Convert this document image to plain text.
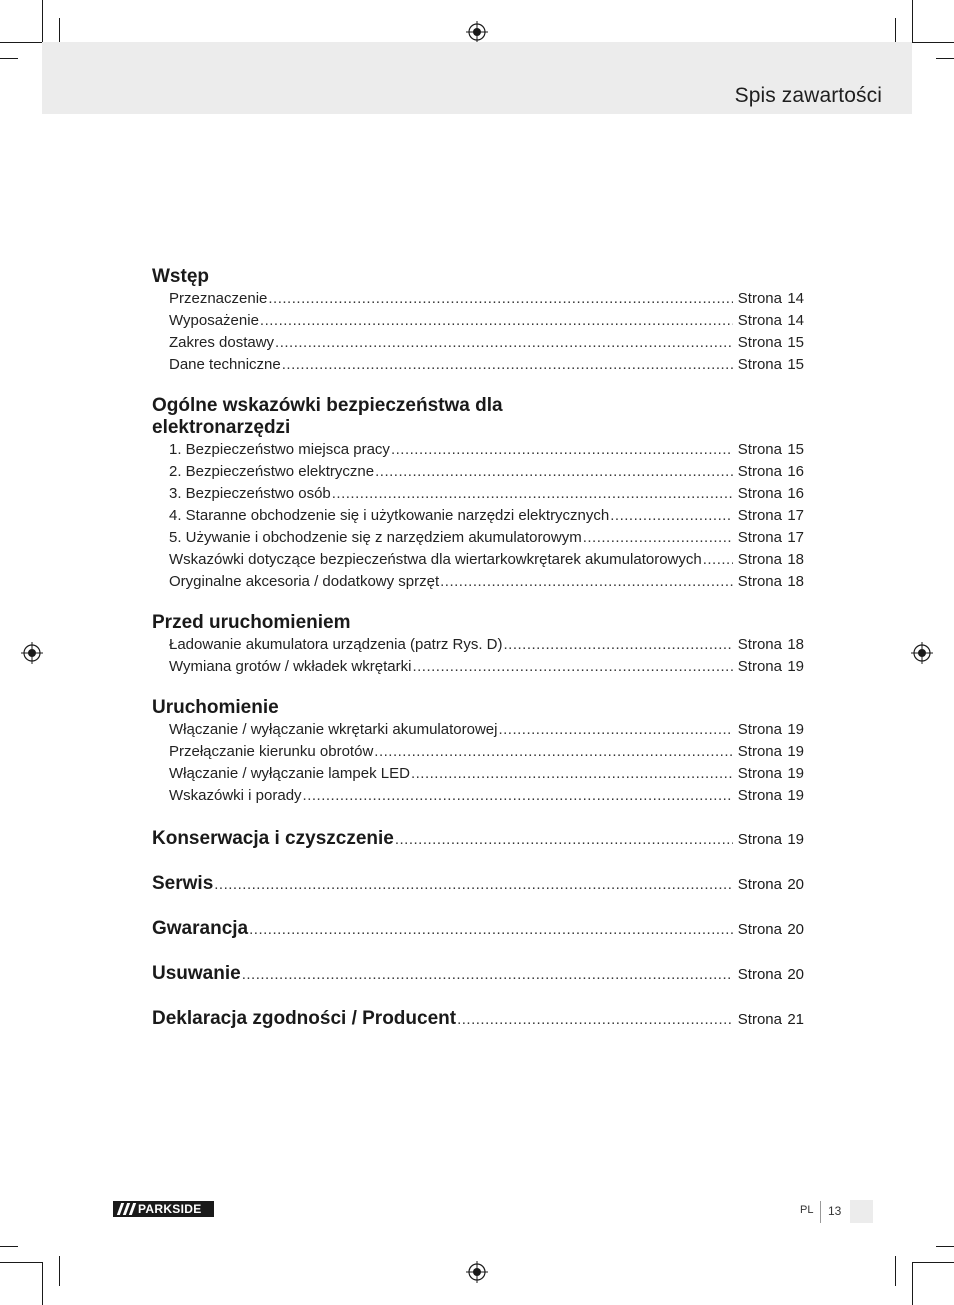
Spis zawartości
Wstęp
Przeznaczenie .....	Strona 14
Wyposażenie .....	Strona 14
Zakres dostawy .....	Strona 15
Dane techniczne .....	Strona 15
Ogólne wskazówki bezpieczeństwa dla elektronarzędzi
1. Bezpieczeństwo miejsca pracy .....	Strona 15
2. Bezpieczeństwo elektryczne .....	Strona 16
3. Bezpieczeństwo osób .....	Strona 16
4. Staranne obchodzenie się i użytkowanie narzędzi elektrycznych .....	Strona 17
5. Używanie i obchodzenie się z narzędziem akumulatorowym .....	Strona 17
Wskazówki dotyczące bezpieczeństwa dla wiertarkowkrętarek akumulatorowych ..... Strona 18
Oryginalne akcesoria / dodatkowy sprzęt .....	Strona 18
Przed uruchomieniem
Ładowanie akumulatora urządzenia (patrz Rys. D) .....	Strona 18
Wymiana grotów / wkładek wkrętarki .....	Strona 19
Uruchomienie
Włączanie / wyłączanie wkrętarki akumulatorowej .....	Strona 19
Przełączanie kierunku obrotów .....	Strona 19
Włączanie / wyłączanie lampek LED .....	Strona 19
Wskazówki i porady .....	Strona 19
Konserwacja i czyszczenie .....	Strona 19
Serwis .....	Strona 20
Gwarancja .....	Strona 20
Usuwanie .....	Strona 20
Deklaracja zgodności / Producent .....	Strona 21
PARKSIDE	PL 13
